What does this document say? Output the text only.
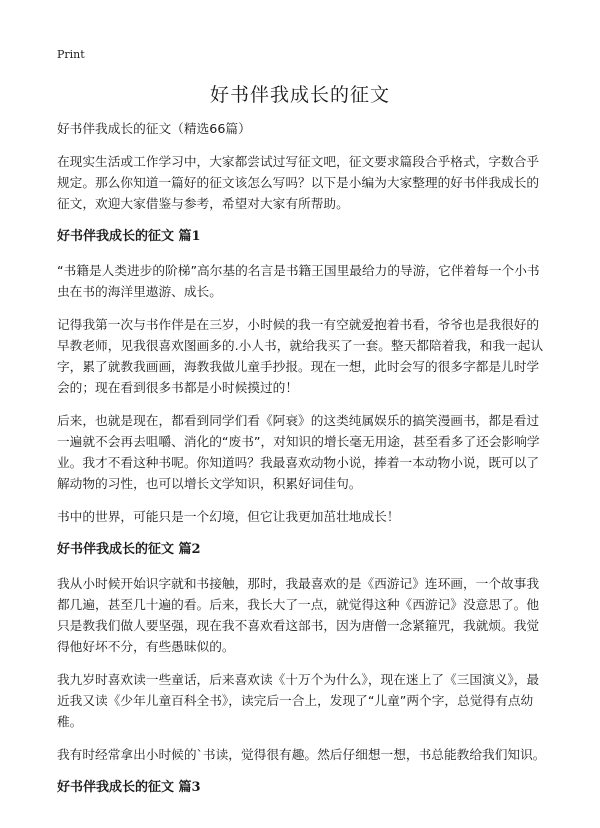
Print
好书伴我成长的征文

好书伴我成长的征文（精选66篇）

在现实生活或工作学习中，大家都尝试过写征文吧，征文要求篇段合乎格式，字数合乎规定。那么你知道一篇好的征文该怎么写吗？以下是小编为大家整理的好书伴我成长的征文，欢迎大家借鉴与参考，希望对大家有所帮助。

好书伴我成长的征文 篇1

“书籍是人类进步的阶梯”高尔基的名言是书籍王国里最给力的导游，它伴着每一个小书虫在书的海洋里遨游、成长。

记得我第一次与书作伴是在三岁，小时候的我一有空就爱抱着书看，爷爷也是我很好的早教老师，见我很喜欢图画多的.小人书，就给我买了一套。整天都陪着我，和我一起认字，累了就教我画画，海教我做儿童手抄报。现在一想，此时会写的很多字都是儿时学会的；现在看到很多书都是小时候摸过的！

后来，也就是现在，都看到同学们看《阿衰》的这类纯属娱乐的搞笑漫画书，都是看过一遍就不会再去咀嚼、消化的“废书”，对知识的增长毫无用途，甚至看多了还会影响学业。我才不看这种书呢。你知道吗？我最喜欢动物小说，捧着一本动物小说，既可以了解动物的习性，也可以增长文学知识，积累好词佳句。

书中的世界，可能只是一个幻境，但它让我更加茁壮地成长！

好书伴我成长的征文 篇2

我从小时候开始识字就和书接触，那时，我最喜欢的是《西游记》连环画，一个故事我都几遍，甚至几十遍的看。后来，我长大了一点，就觉得这种《西游记》没意思了。他只是教我们做人要坚强，现在我不喜欢看这部书，因为唐僧一念紧箍咒，我就烦。我觉得他好坏不分，有些愚昧似的。

我九岁时喜欢读一些童话，后来喜欢读《十万个为什么》，现在迷上了《三国演义》，最近我又读《少年儿童百科全书》，读完后一合上，发现了“儿童”两个字，总觉得有点幼稚。

我有时经常拿出小时候的`书读，觉得很有趣。然后仔细想一想，书总能教给我们知识。

好书伴我成长的征文 篇3
